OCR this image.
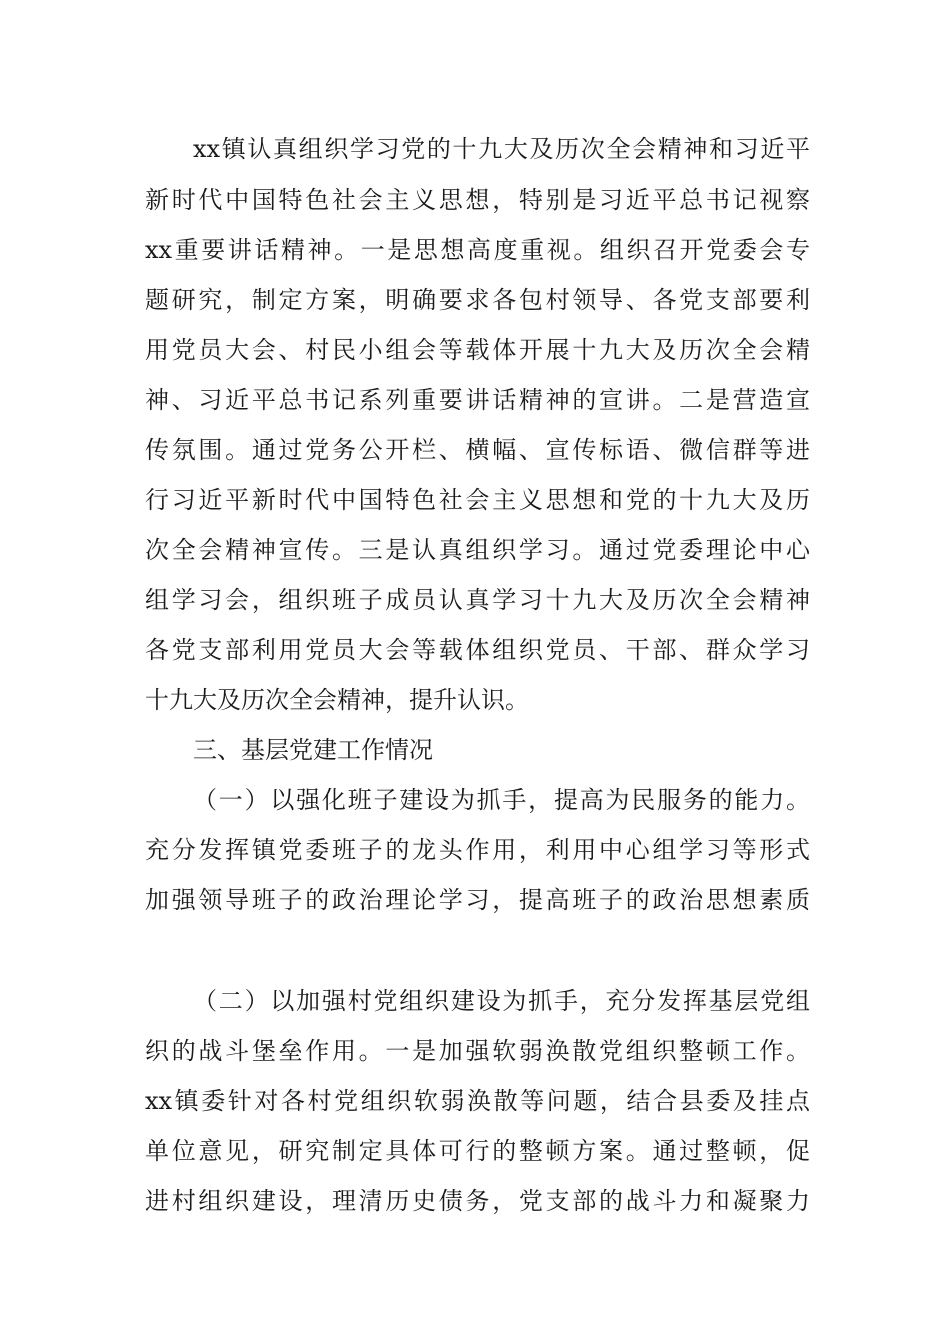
xx镇认真组织学习党的十九大及历次全会精神和习近平
新时代中国特色社会主义思想，特别是习近平总书记视察
xx重要讲话精神。一是思想高度重视。组织召开党委会专
题研究，制定方案，明确要求各包村领导、各党支部要利
用党员大会、村民小组会等载体开展十九大及历次全会精
神、习近平总书记系列重要讲话精神的宣讲。二是营造宣
传氛围。通过党务公开栏、横幅、宣传标语、微信群等进
行习近平新时代中国特色社会主义思想和党的十九大及历
次全会精神宣传。三是认真组织学习。通过党委理论中心
组学习会，组织班子成员认真学习十九大及历次全会精神
各党支部利用党员大会等载体组织党员、干部、群众学习
十九大及历次全会精神，提升认识。
三、基层党建工作情况
（一）以强化班子建设为抓手，提高为民服务的能力。
充分发挥镇党委班子的龙头作用，利用中心组学习等形式
加强领导班子的政治理论学习，提高班子的政治思想素质
（二）以加强村党组织建设为抓手，充分发挥基层党组
织的战斗堡垒作用。一是加强软弱涣散党组织整顿工作。
xx镇委针对各村党组织软弱涣散等问题，结合县委及挂点
单位意见，研究制定具体可行的整顿方案。通过整顿，促
进村组织建设，理清历史债务，党支部的战斗力和凝聚力
